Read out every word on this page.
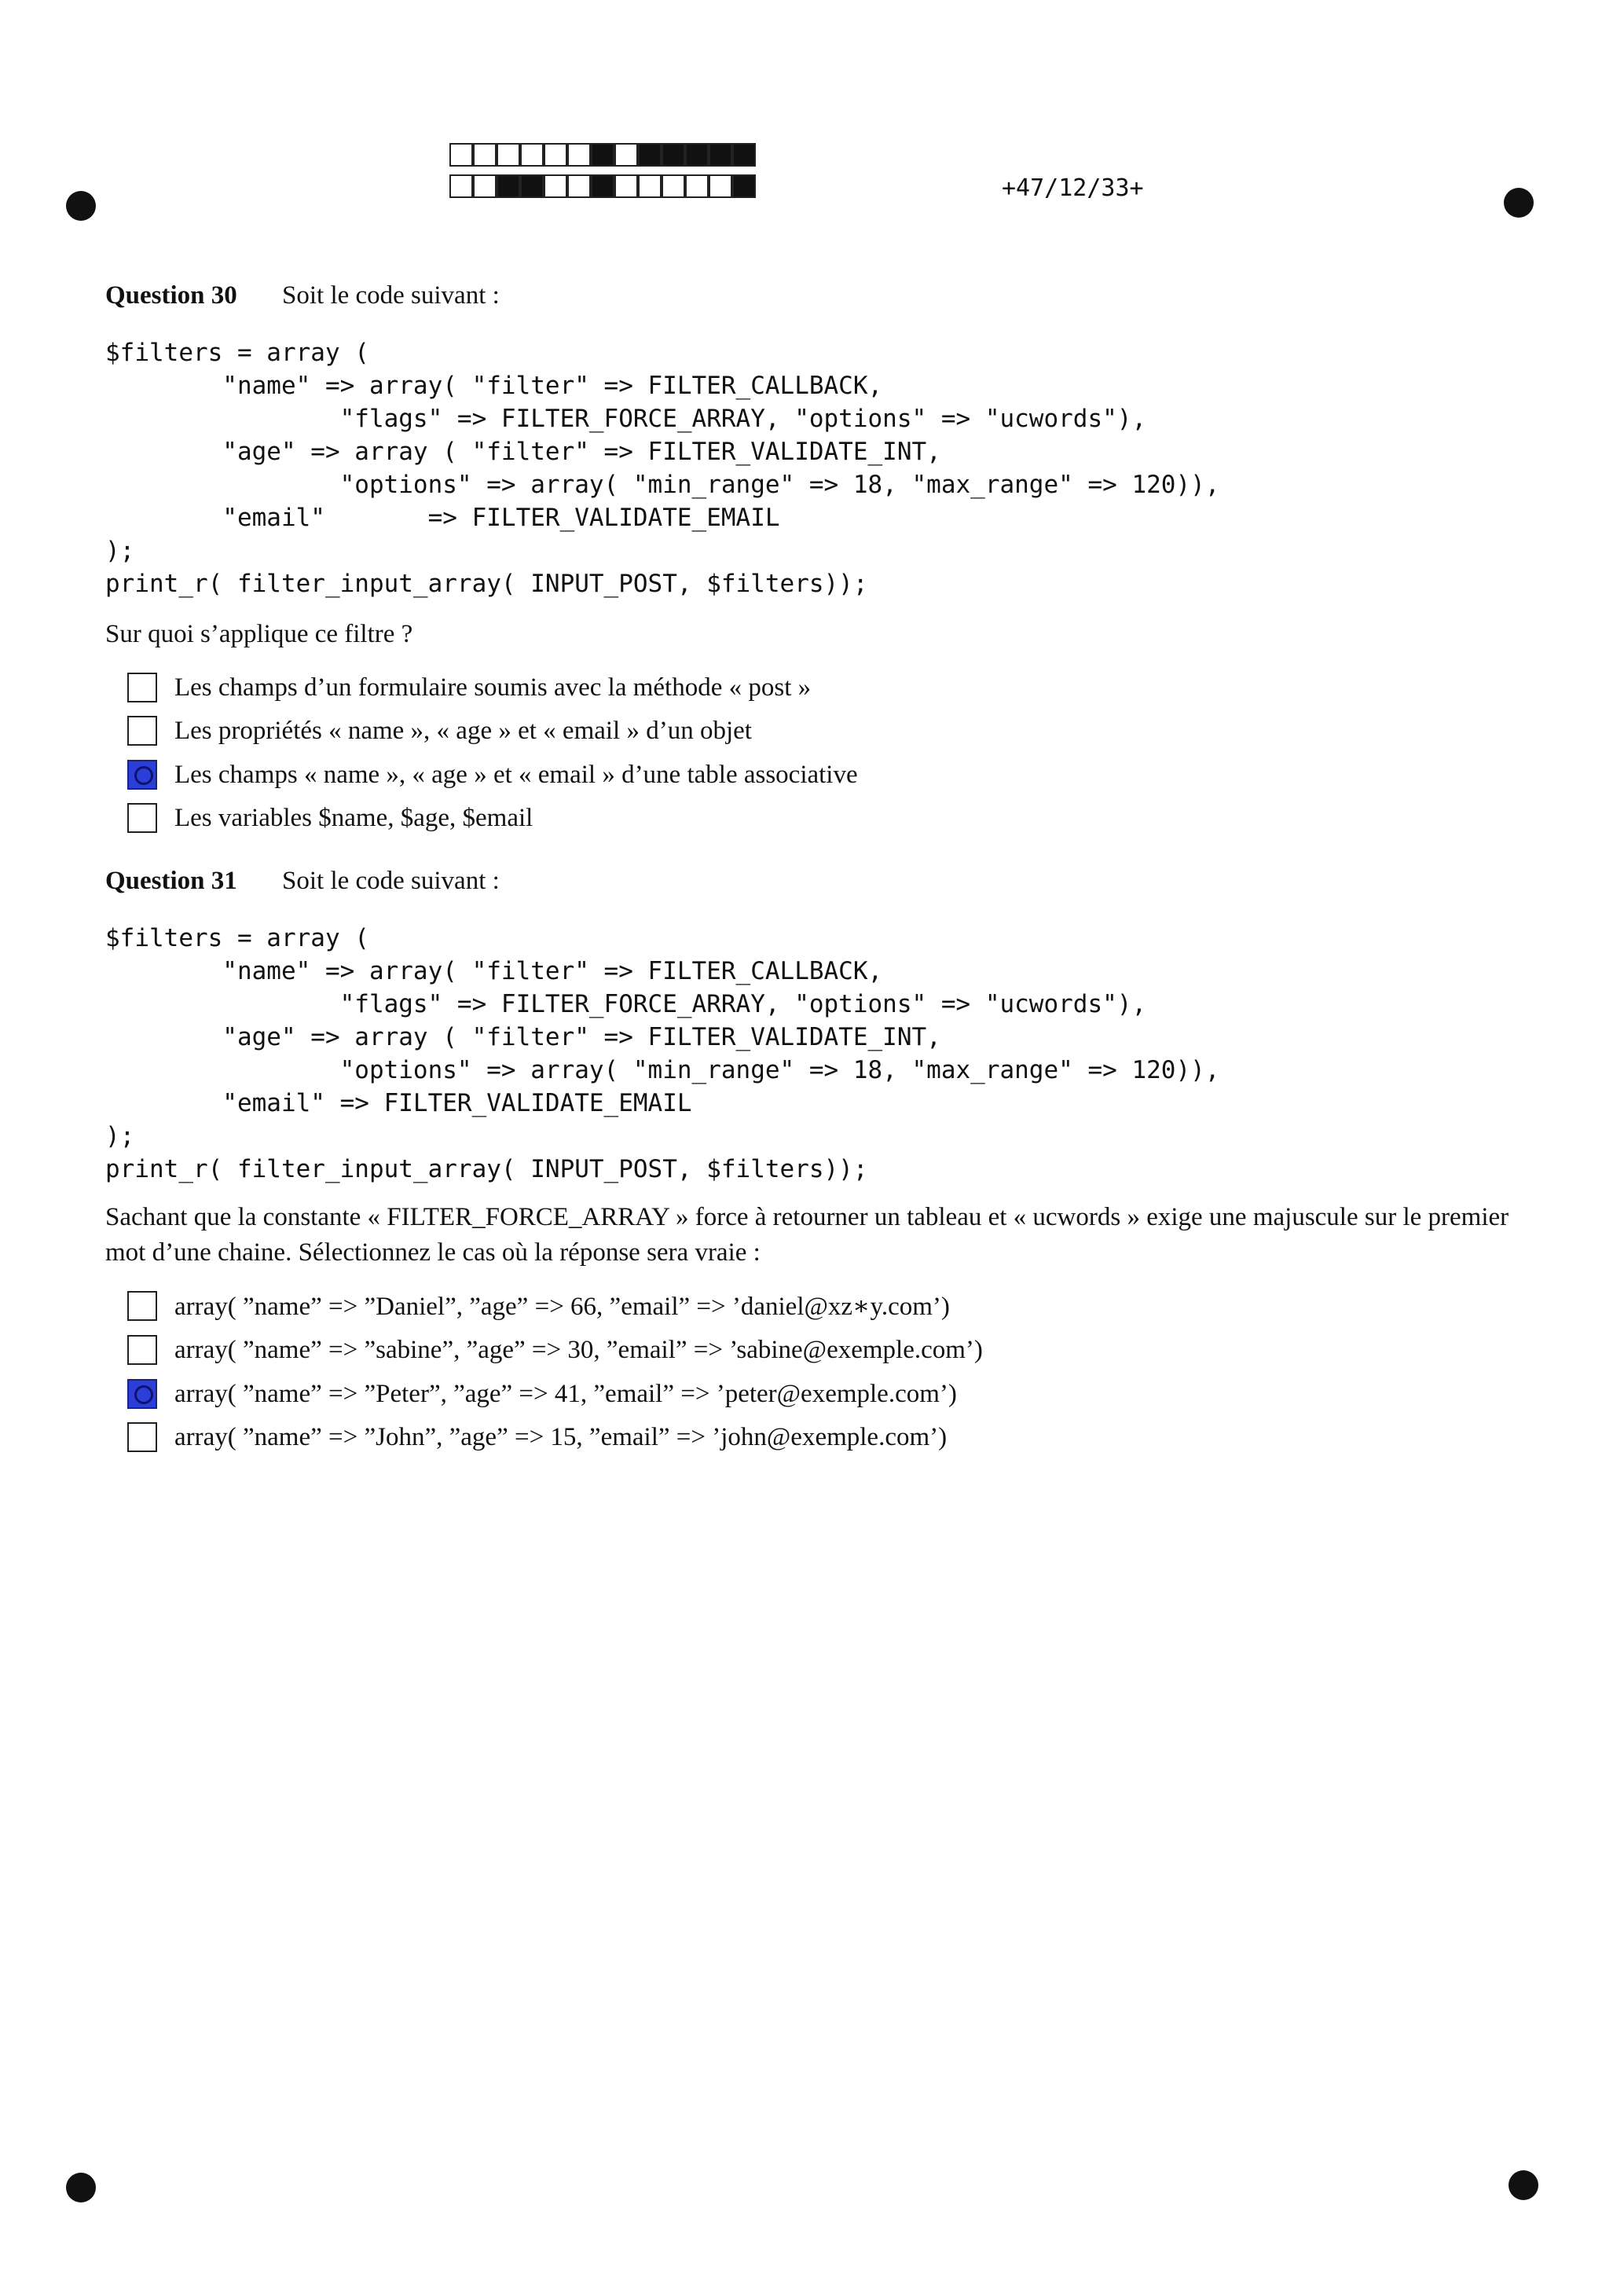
+47/12/33+
Question 30 Soit le code suivant :
$filters = array (
"name" => array( "filter" => FILTER_CALLBACK,
"flags" => FILTER_FORCE_ARRAY, "options" => "ucwords"),
"age" => array ( "filter" => FILTER_VALIDATE_INT,
"options" => array( "min_range" => 18, "max_range" => 120)),
"email"       => FILTER_VALIDATE_EMAIL
);
print_r( filter_input_array( INPUT_POST, $filters));
Sur quoi s’applique ce filtre ?
Les champs d’un formulaire soumis avec la méthode « post »
Les propriétés « name », « age » et « email » d’un objet
Les champs « name », « age » et « email » d’une table associative
Les variables $name, $age, $email
Question 31 Soit le code suivant :
$filters = array (
"name" => array( "filter" => FILTER_CALLBACK,
"flags" => FILTER_FORCE_ARRAY, "options" => "ucwords"),
"age" => array ( "filter" => FILTER_VALIDATE_INT,
"options" => array( "min_range" => 18, "max_range" => 120)),
"email" => FILTER_VALIDATE_EMAIL
);
print_r( filter_input_array( INPUT_POST, $filters));
Sachant que la constante « FILTER_FORCE_ARRAY » force à retourner un tableau et « ucwords » exige une majuscule sur le premier mot d’une chaine. Sélectionnez le cas où la réponse sera vraie :
array( ”name” => ”Daniel”, ”age” => 66, ”email” => ’daniel@xz∗y.com’)
array( ”name” => ”sabine”, ”age” => 30, ”email” => ’sabine@exemple.com’)
array( ”name” => ”Peter”, ”age” => 41, ”email” => ’peter@exemple.com’)
array( ”name” => ”John”, ”age” => 15, ”email” => ’john@exemple.com’)
